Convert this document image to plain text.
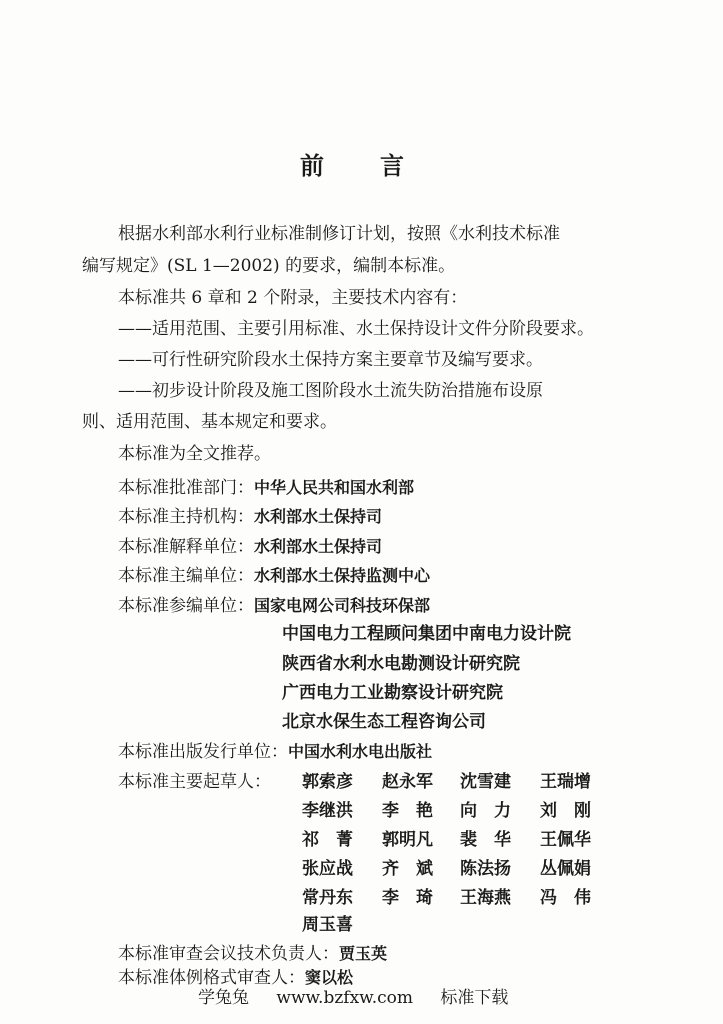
前 言
根据水利部水利行业标准制修订计划，按照《水利技术标准
编写规定》(SL 1—2002) 的要求，编制本标准。
本标准共 6 章和 2 个附录，主要技术内容有：
——适用范围、主要引用标准、水土保持设计文件分阶段要求。
——可行性研究阶段水土保持方案主要章节及编写要求。
——初步设计阶段及施工图阶段水土流失防治措施布设原
则、适用范围、基本规定和要求。
本标准为全文推荐。
本标准批准部门：中华人民共和国水利部
本标准主持机构：水利部水土保持司
本标准解释单位：水利部水土保持司
本标准主编单位：水利部水土保持监测中心
本标准参编单位：国家电网公司科技环保部
中国电力工程顾问集团中南电力设计院
陕西省水利水电勘测设计研究院
广西电力工业勘察设计研究院
北京水保生态工程咨询公司
本标准出版发行单位：中国水利水电出版社
本标准主要起草人： 郭索彦 赵永军 沈雪建 王瑞增
李继洪 李　艳 向　力 刘　刚
祁　菁 郭明凡 裴　华 王佩华
张应战 齐　斌 陈法扬 丛佩娟
常丹东 李　琦 王海燕 冯　伟
周玉喜
本标准审查会议技术负责人：贾玉英
本标准体例格式审查人：窦以松
学兔兔 www.bzfxw.com 标准下载
